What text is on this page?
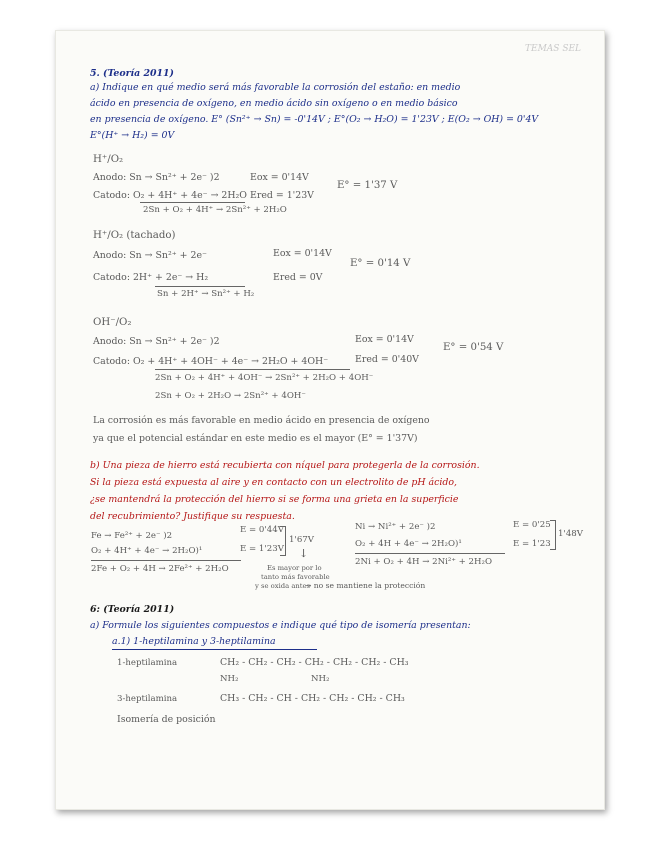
TEMAS SEL
5. (Teoría 2011)
a) Indique en qué medio será más favorable la corrosión del estaño: en medio
ácido en presencia de oxígeno, en medio ácido sin oxígeno o en medio básico
en presencia de oxígeno. E° (Sn²⁺ → Sn) = -0'14V ; E°(O₂ → H₂O) = 1'23V ; E(O₂ → OH) = 0'4V
E°(H⁺ → H₂) = 0V
H⁺/O₂
Anodo: Sn → Sn²⁺ + 2e⁻ )2	Eox = 0'14V
Catodo: O₂ + 4H⁺ + 4e⁻ → 2H₂O Ered = 1'23V
2Sn + O₂ + 4H⁺ → 2Sn²⁺ + 2H₂O
E° = 1'37 V
H⁺/O₂ (tachado)
Anodo: Sn → Sn²⁺ + 2e⁻	Eox = 0'14V
Catodo: 2H⁺ + 2e⁻ → H₂	Ered = 0V
Sn + 2H⁺ → Sn²⁺ + H₂
E° = 0'14 V
OH⁻/O₂
Anodo: Sn → Sn²⁺ + 2e⁻ )2	Eox = 0'14V
Catodo: O₂ + 4H⁺ + 4OH⁻ + 4e⁻ → 2H₂O + 4OH⁻	Ered = 0'40V
2Sn + O₂ + 4H⁺ + 4OH⁻ → 2Sn²⁺ + 2H₂O + 4OH⁻
2Sn + O₂ + 2H₂O → 2Sn²⁺ + 4OH⁻
E° = 0'54 V
La corrosión es más favorable en medio ácido en presencia de oxígeno
ya que el potencial estándar en este medio es el mayor (E° = 1'37V)
b) Una pieza de hierro está recubierta con níquel para protegerla de la corrosión.
Si la pieza está expuesta al aire y en contacto con un electrolito de pH ácido,
¿se mantendrá la protección del hierro si se forma una grieta en la superficie
del recubrimiento? Justifique su respuesta.
Fe → Fe²⁺ + 2e⁻ )2
E = 0'44V
O₂ + 4H⁺ + 4e⁻ → 2H₂O)¹	E = 1'23V
1'67V
↓
2Fe + O₂ + 4H → 2Fe²⁺ + 2H₂O	Es mayor por lo
tanto más favorable
y se oxida antes
Ni → Ni²⁺ + 2e⁻ )2	E = 0'25
O₂ + 4H + 4e⁻ → 2H₂O)¹	E = 1'23
1'48V
2Ni + O₂ + 4H → 2Ni²⁺ + 2H₂O
→ no se mantiene la protección
6: (Teoría 2011)
a) Formule los siguientes compuestos e indique qué tipo de isomería presentan:
a.1) 1-heptilamina y 3-heptilamina
1-heptilamina	CH₂ - CH₂ - CH₂ - CH₂ - CH₂ - CH₂ - CH₃
NH₂	NH₂
3-heptilamina	CH₃ - CH₂ - CH - CH₂ - CH₂ - CH₂ - CH₃
Isomería de posición
